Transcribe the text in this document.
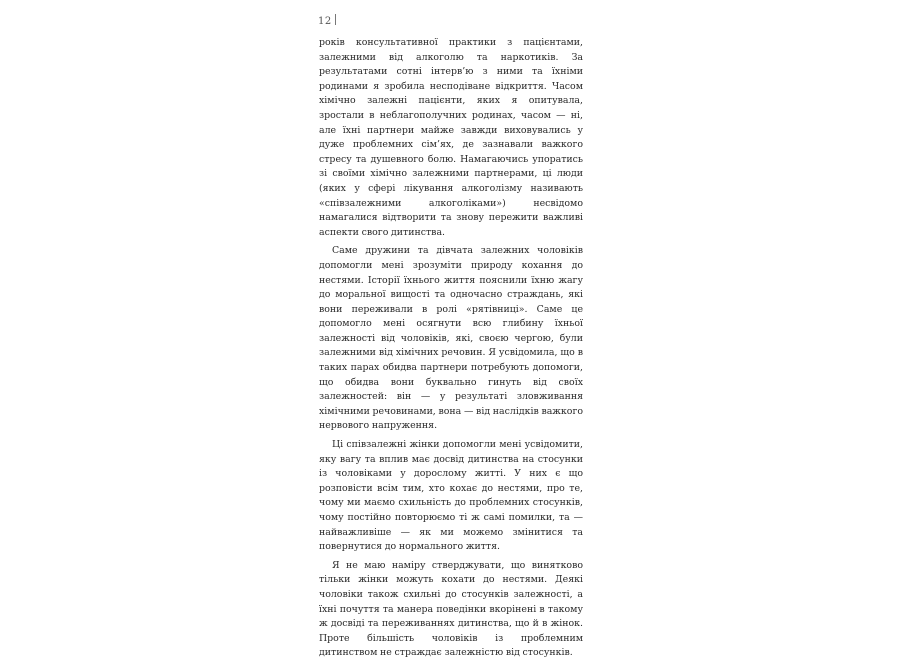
12

років консультативної практики з пацієнтами, залежними від алкоголю та наркотиків. За результатами сотні інтерв’ю з ними та їхніми родинами я зробила несподіване відкриття. Часом хімічно залежні пацієнти, яких я опитувала, зростали в неблагополучних родинах, часом — ні, але їхні партнери майже завжди виховувались у дуже проблемних сім’ях, де зазнавали важкого стресу та душевного болю. Намагаючись упоратись зі своїми хімічно залежними партнерами, ці люди (яких у сфері лікування алкоголізму називають «співзалежними алкоголіками») несвідомо намагалися відтворити та знову пережити важливі аспекти свого дитинства.

Саме дружини та дівчата залежних чоловіків допомогли мені зрозуміти природу кохання до нестями. Історії їхнього життя пояснили їхню жагу до моральної вищості та одночасно страждань, які вони переживали в ролі «рятівниці». Саме це допомогло мені осягнути всю глибину їхньої залежності від чоловіків, які, своєю чергою, були залежними від хімічних речовин. Я усвідомила, що в таких парах обидва партнери потребують допомоги, що обидва вони буквально гинуть від своїх залежностей: він — у результаті зловживання хімічними речовинами, вона — від наслідків важкого нервового напруження.

Ці співзалежні жінки допомогли мені усвідомити, яку вагу та вплив має досвід дитинства на стосунки із чоловіками у дорослому житті. У них є що розповісти всім тим, хто кохає до нестями, про те, чому ми маємо схильність до проблемних стосунків, чому постійно повторюємо ті ж самі помилки, та — найважливіше — як ми можемо змінитися та повернутися до нормального життя.

Я не маю наміру стверджувати, що винятково тільки жінки можуть кохати до нестями. Деякі чоловіки також схильні до стосунків залежності, а їхні почуття та манера поведінки вкорінені в такому ж досвіді та переживаннях дитинства, що й в жінок. Проте більшість чоловіків із проблемним дитинством не страждає залежністю від стосунків.
